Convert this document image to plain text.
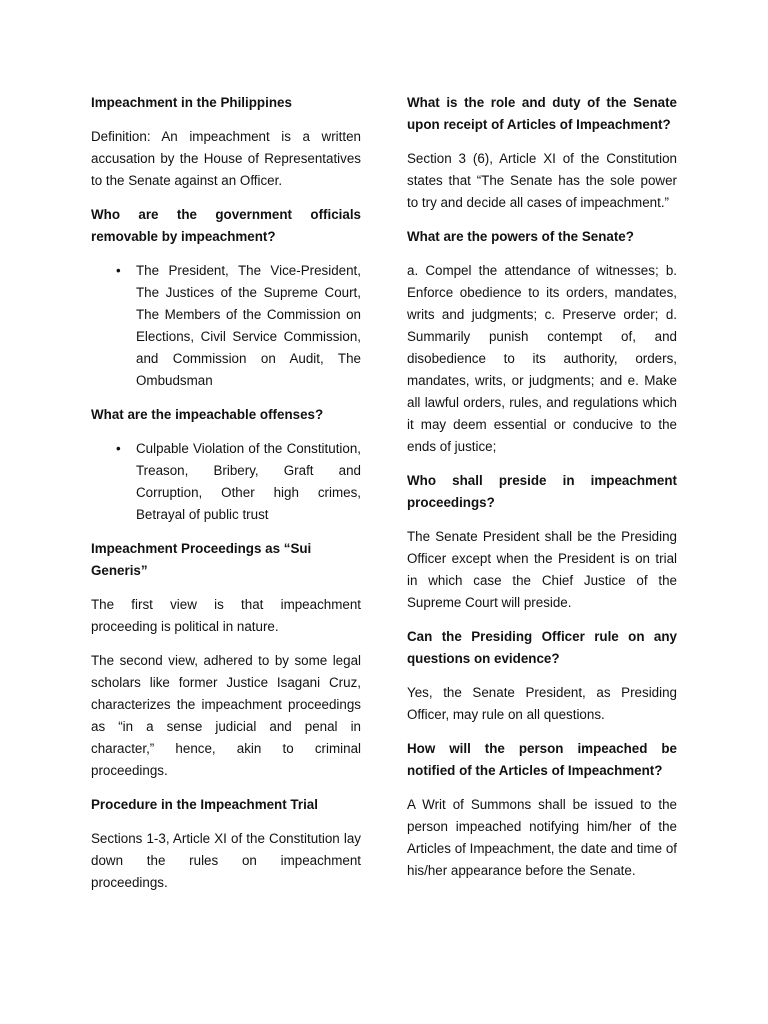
Impeachment in the Philippines

Definition: An impeachment is a written accusation by the House of Representatives to the Senate against an Officer.

Who are the government officials removable by impeachment?

• The President, The Vice-President, The Justices of the Supreme Court, The Members of the Commission on Elections, Civil Service Commission, and Commission on Audit, The Ombudsman

What are the impeachable offenses?

• Culpable Violation of the Constitution, Treason, Bribery, Graft and Corruption, Other high crimes, Betrayal of public trust

Impeachment Proceedings as “Sui Generis”

The first view is that impeachment proceeding is political in nature.

The second view, adhered to by some legal scholars like former Justice Isagani Cruz, characterizes the impeachment proceedings as “in a sense judicial and penal in character,” hence, akin to criminal proceedings.

Procedure in the Impeachment Trial

Sections 1-3, Article XI of the Constitution lay down the rules on impeachment proceedings.

What is the role and duty of the Senate upon receipt of Articles of Impeachment?

Section 3 (6), Article XI of the Constitution states that “The Senate has the sole power to try and decide all cases of impeachment.”

What are the powers of the Senate?

a. Compel the attendance of witnesses; b. Enforce obedience to its orders, mandates, writs and judgments; c. Preserve order; d. Summarily punish contempt of, and disobedience to its authority, orders, mandates, writs, or judgments; and e. Make all lawful orders, rules, and regulations which it may deem essential or conducive to the ends of justice;

Who shall preside in impeachment proceedings?

The Senate President shall be the Presiding Officer except when the President is on trial in which case the Chief Justice of the Supreme Court will preside.

Can the Presiding Officer rule on any questions on evidence?

Yes, the Senate President, as Presiding Officer, may rule on all questions.

How will the person impeached be notified of the Articles of Impeachment?

A Writ of Summons shall be issued to the person impeached notifying him/her of the Articles of Impeachment, the date and time of his/her appearance before the Senate.
